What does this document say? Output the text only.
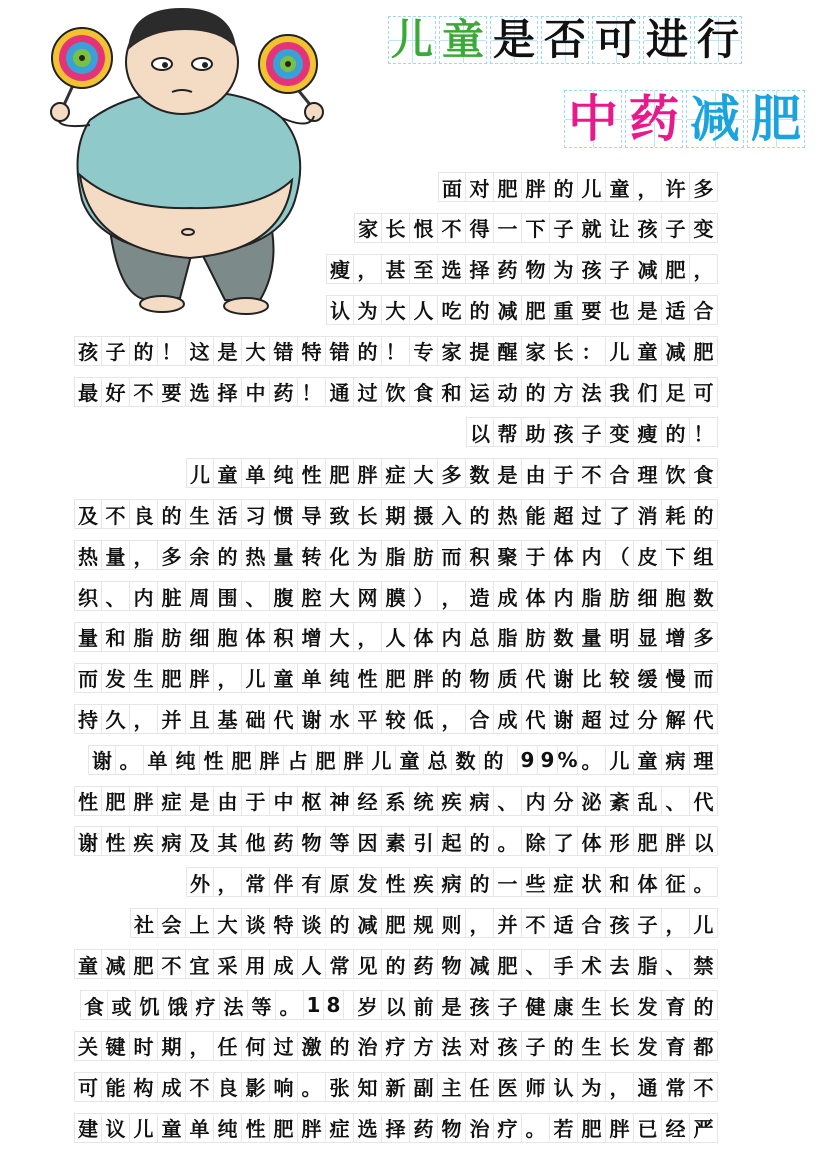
儿 童 是 否 可 进 行
中 药 减 肥
面 对 肥 胖 的 儿 童 ， 许 多
家 长 恨 不 得 一 下 子 就 让 孩 子 变
瘦 ， 甚 至 选 择 药 物 为 孩 子 减 肥 ，
认 为 大 人 吃 的 减 肥 重 要 也 是 适 合
孩 子 的 ！ 这 是 大 错 特 错 的 ！ 专 家 提 醒 家 长 ： 儿 童 减 肥
最 好 不 要 选 择 中 药 ！ 通 过 饮 食 和 运 动 的 方 法 我 们 足 可
以 帮 助 孩 子 变 瘦 的 ！
儿 童 单 纯 性 肥 胖 症 大 多 数 是 由 于 不 合 理 饮 食
及 不 良 的 生 活 习 惯 导 致 长 期 摄 入 的 热 能 超 过 了 消 耗 的
热 量 ， 多 余 的 热 量 转 化 为 脂 肪 而 积 聚 于 体 内 （ 皮 下 组
织 、 内 脏 周 围 、 腹 腔 大 网 膜 ） ， 造 成 体 内 脂 肪 细 胞 数
量 和 脂 肪 细 胞 体 积 增 大 ， 人 体 内 总 脂 肪 数 量 明 显 增 多
而 发 生 肥 胖 ， 儿 童 单 纯 性 肥 胖 的 物 质 代 谢 比 较 缓 慢 而
持 久 ， 并 且 基 础 代 谢 水 平 较 低 ， 合 成 代 谢 超 过 分 解 代
谢 。 单 纯 性 肥 胖 占 肥 胖 儿 童 总 数 的 9 9 % 。 儿 童 病 理
性 肥 胖 症 是 由 于 中 枢 神 经 系 统 疾 病 、 内 分 泌 紊 乱 、 代
谢 性 疾 病 及 其 他 药 物 等 因 素 引 起 的 。 除 了 体 形 肥 胖 以
外 ， 常 伴 有 原 发 性 疾 病 的 一 些 症 状 和 体 征 。
社 会 上 大 谈 特 谈 的 减 肥 规 则 ， 并 不 适 合 孩 子 ， 儿
童 减 肥 不 宜 采 用 成 人 常 见 的 药 物 减 肥 、 手 术 去 脂 、 禁
食 或 饥 饿 疗 法 等 。 1 8 岁 以 前 是 孩 子 健 康 生 长 发 育 的
关 键 时 期 ， 任 何 过 激 的 治 疗 方 法 对 孩 子 的 生 长 发 育 都
可 能 构 成 不 良 影 响 。 张 知 新 副 主 任 医 师 认 为 ， 通 常 不
建 议 儿 童 单 纯 性 肥 胖 症 选 择 药 物 治 疗 。 若 肥 胖 已 经 严
